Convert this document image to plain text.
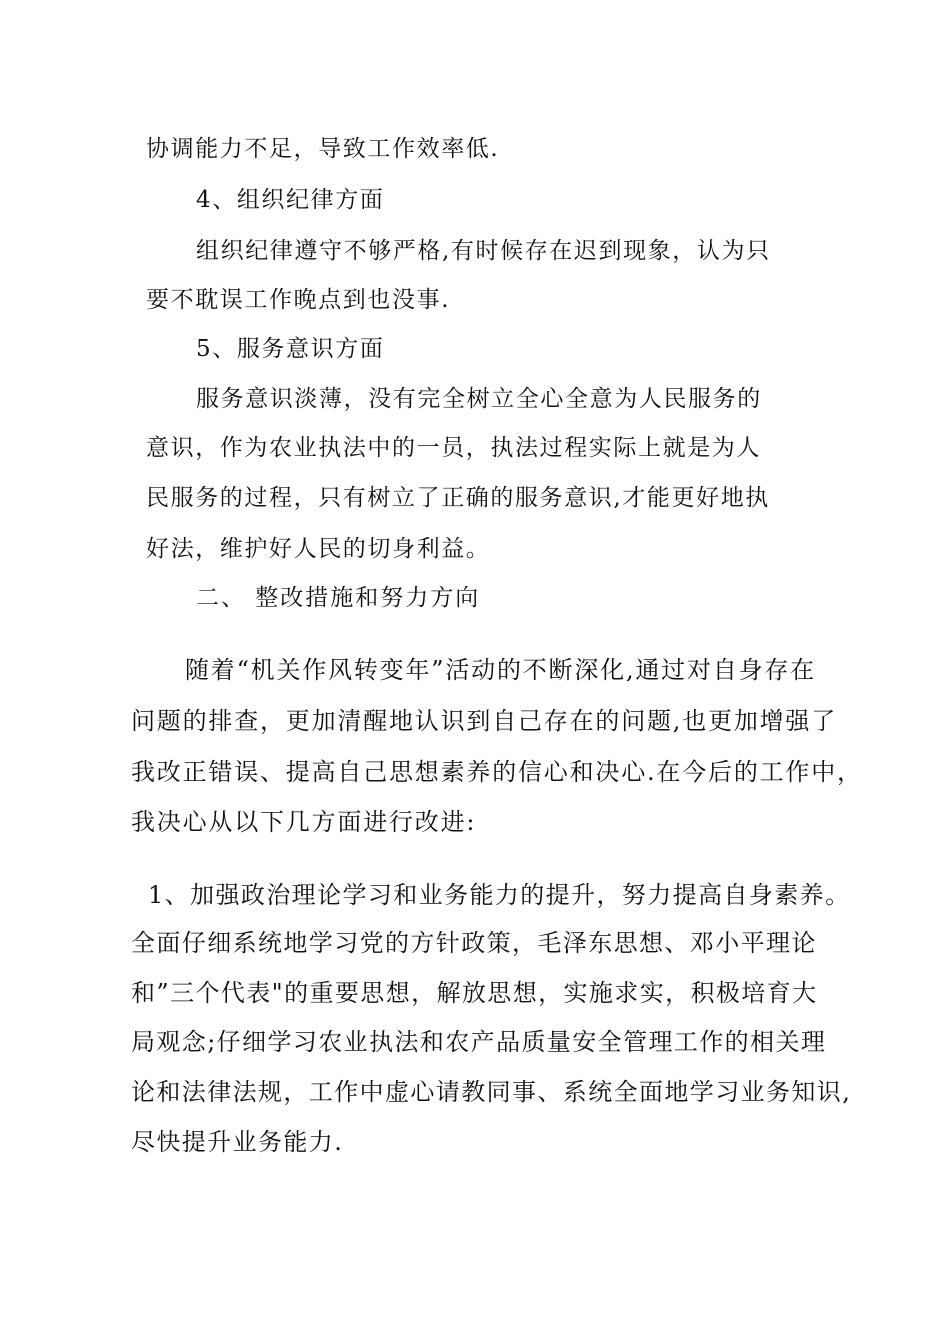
协调能力不足，导致工作效率低.
4、组织纪律方面
组织纪律遵守不够严格,有时候存在迟到现象，认为只
要不耽误工作晚点到也没事.
5、服务意识方面
服务意识淡薄，没有完全树立全心全意为人民服务的
意识，作为农业执法中的一员，执法过程实际上就是为人
民服务的过程，只有树立了正确的服务意识,才能更好地执
好法，维护好人民的切身利益。
二、 整改措施和努力方向
随着“机关作风转变年”活动的不断深化,通过对自身存在
问题的排查，更加清醒地认识到自己存在的问题,也更加增强了
我改正错误、提高自己思想素养的信心和决心.在今后的工作中，
我决心从以下几方面进行改进:
1、加强政治理论学习和业务能力的提升，努力提高自身素养。
全面仔细系统地学习党的方针政策，毛泽东思想、邓小平理论
和”三个代表"的重要思想，解放思想，实施求实，积极培育大
局观念;仔细学习农业执法和农产品质量安全管理工作的相关理
论和法律法规，工作中虚心请教同事、系统全面地学习业务知识,
尽快提升业务能力.
